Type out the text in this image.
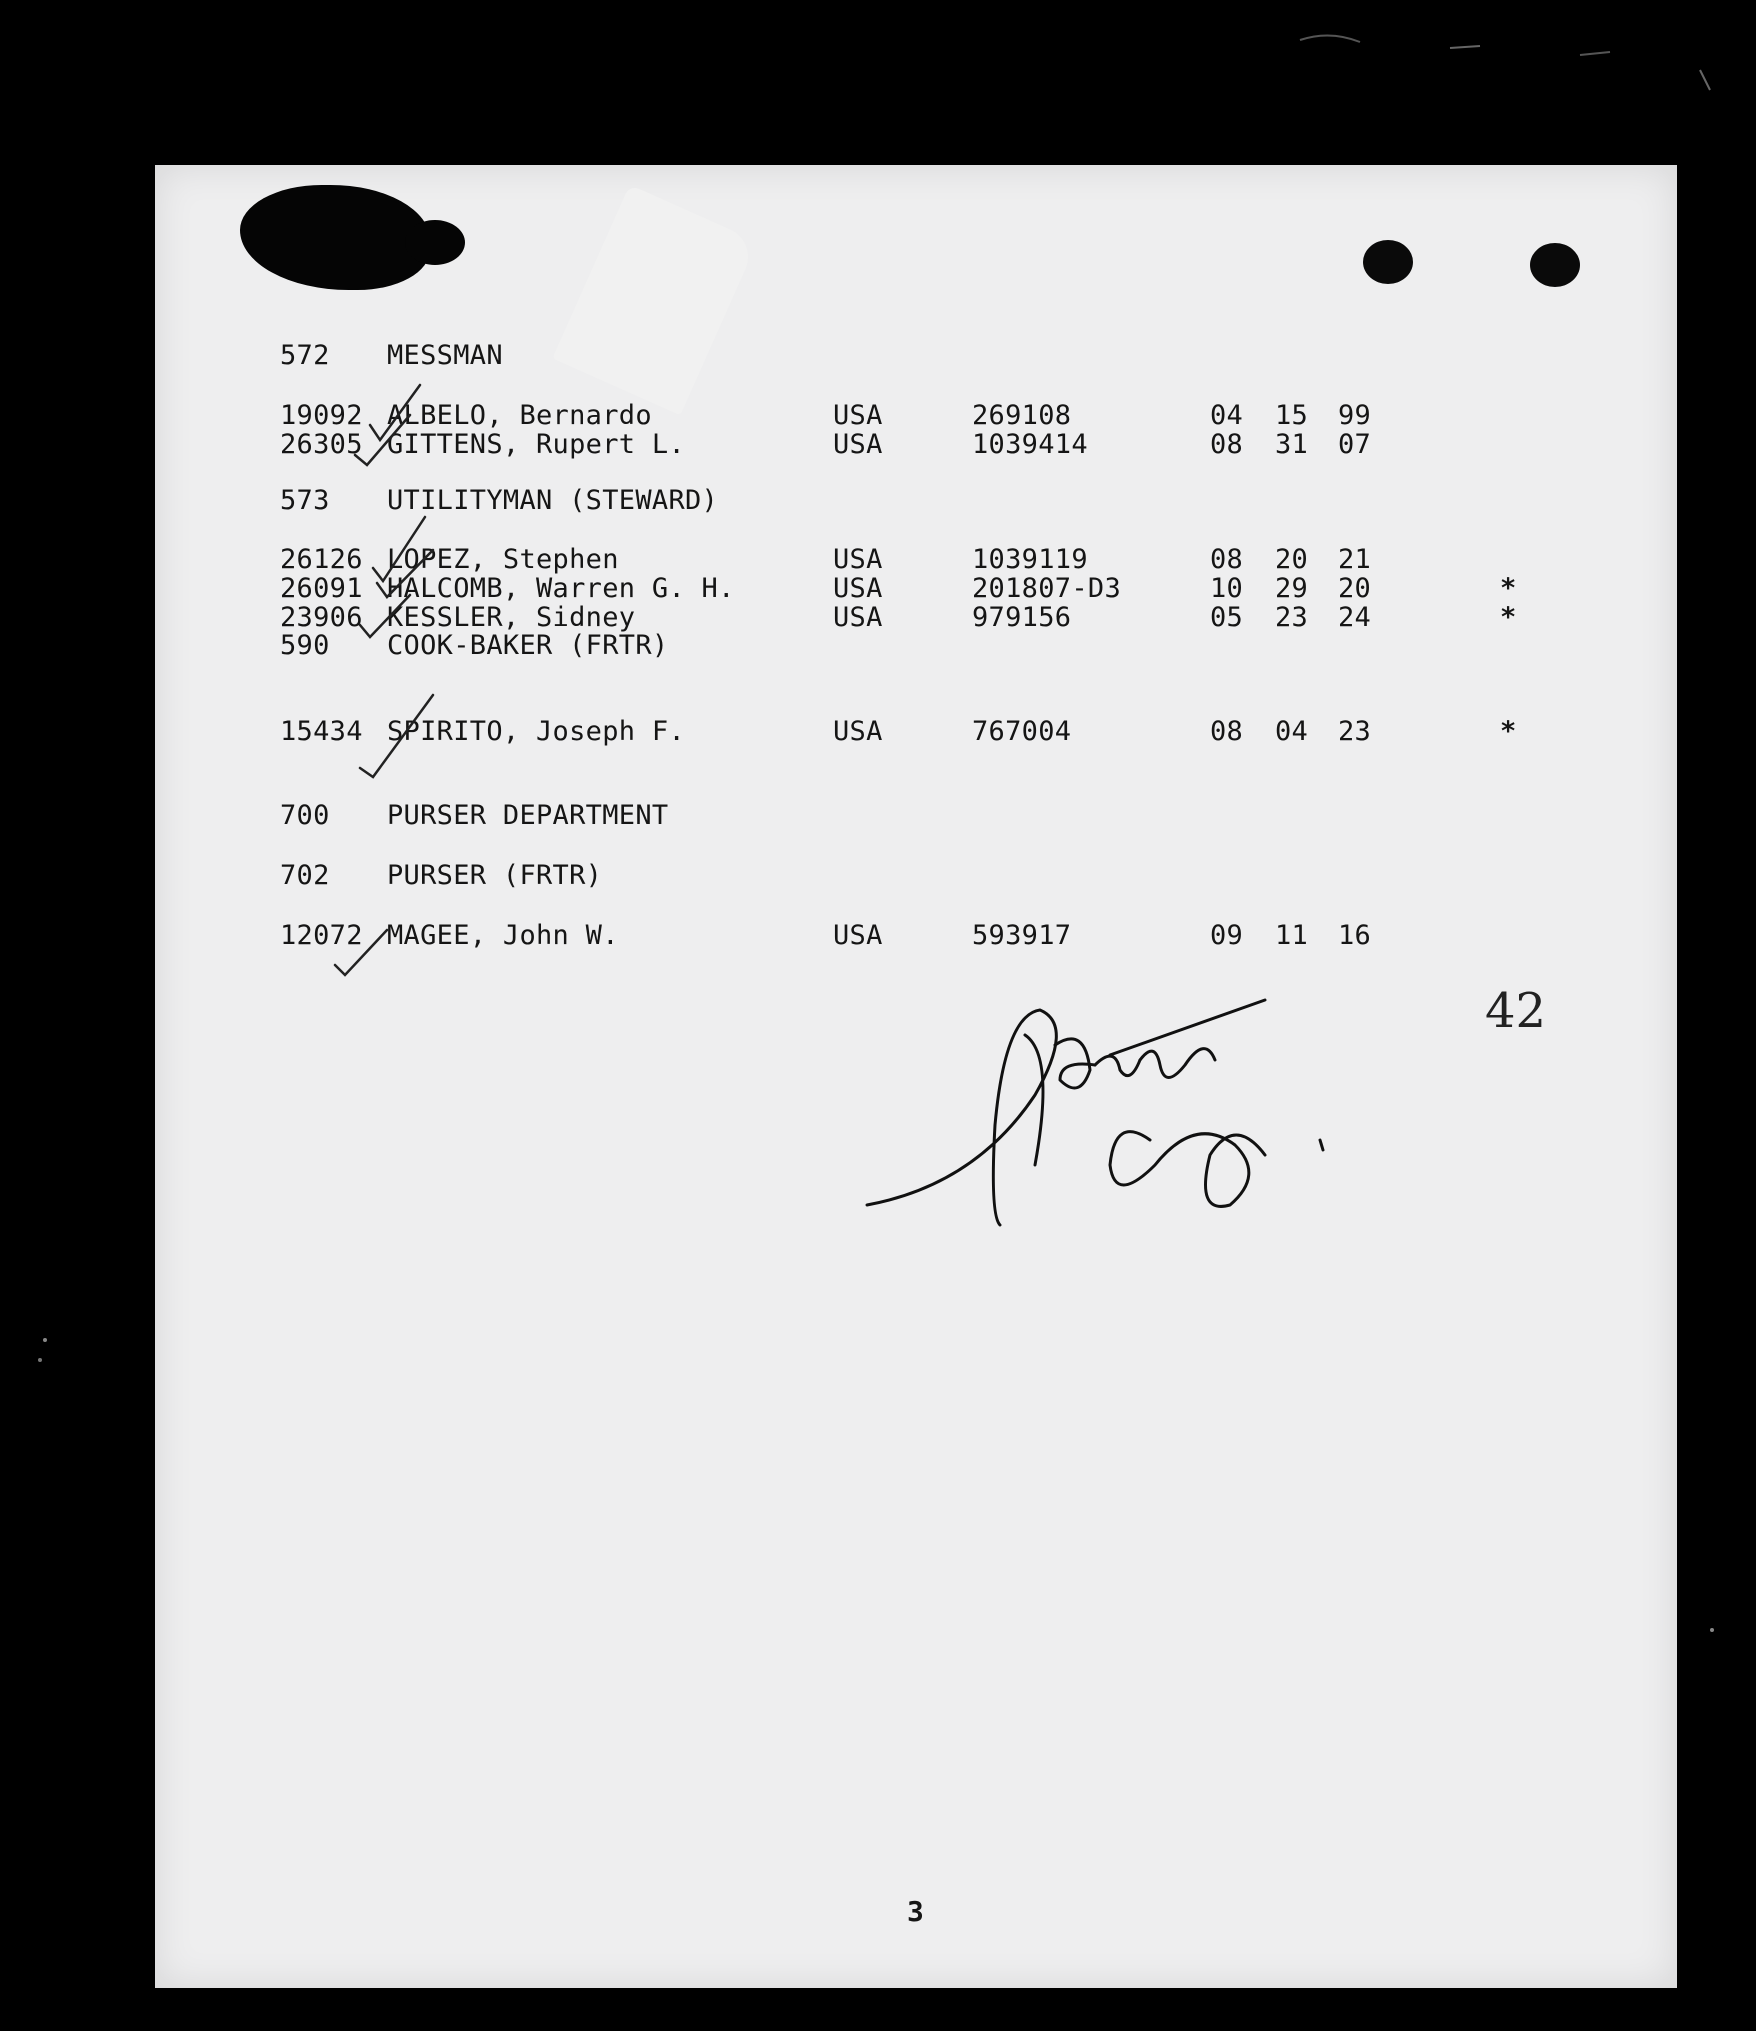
572 MESSMAN
19092 ALBELO, Bernardo	USA	269108	04 15 99
26305 GITTENS, Rupert L.	USA	1039414	08 31 07
573 UTILITYMAN (STEWARD)
26126 LOPEZ, Stephen	USA	1039119	08 20 21
26091 HALCOMB, Warren G. H.	USA	201807-D3	10 29 20	*
23906 KESSLER, Sidney	USA	979156	05 23 24	*
590 COOK-BAKER (FRTR)
15434 SPIRITO, Joseph F.	USA	767004	08 04 23	*
700 PURSER DEPARTMENT
702 PURSER (FRTR)
12072 MAGEE, John W.	USA	593917	09 11 16
42
3
